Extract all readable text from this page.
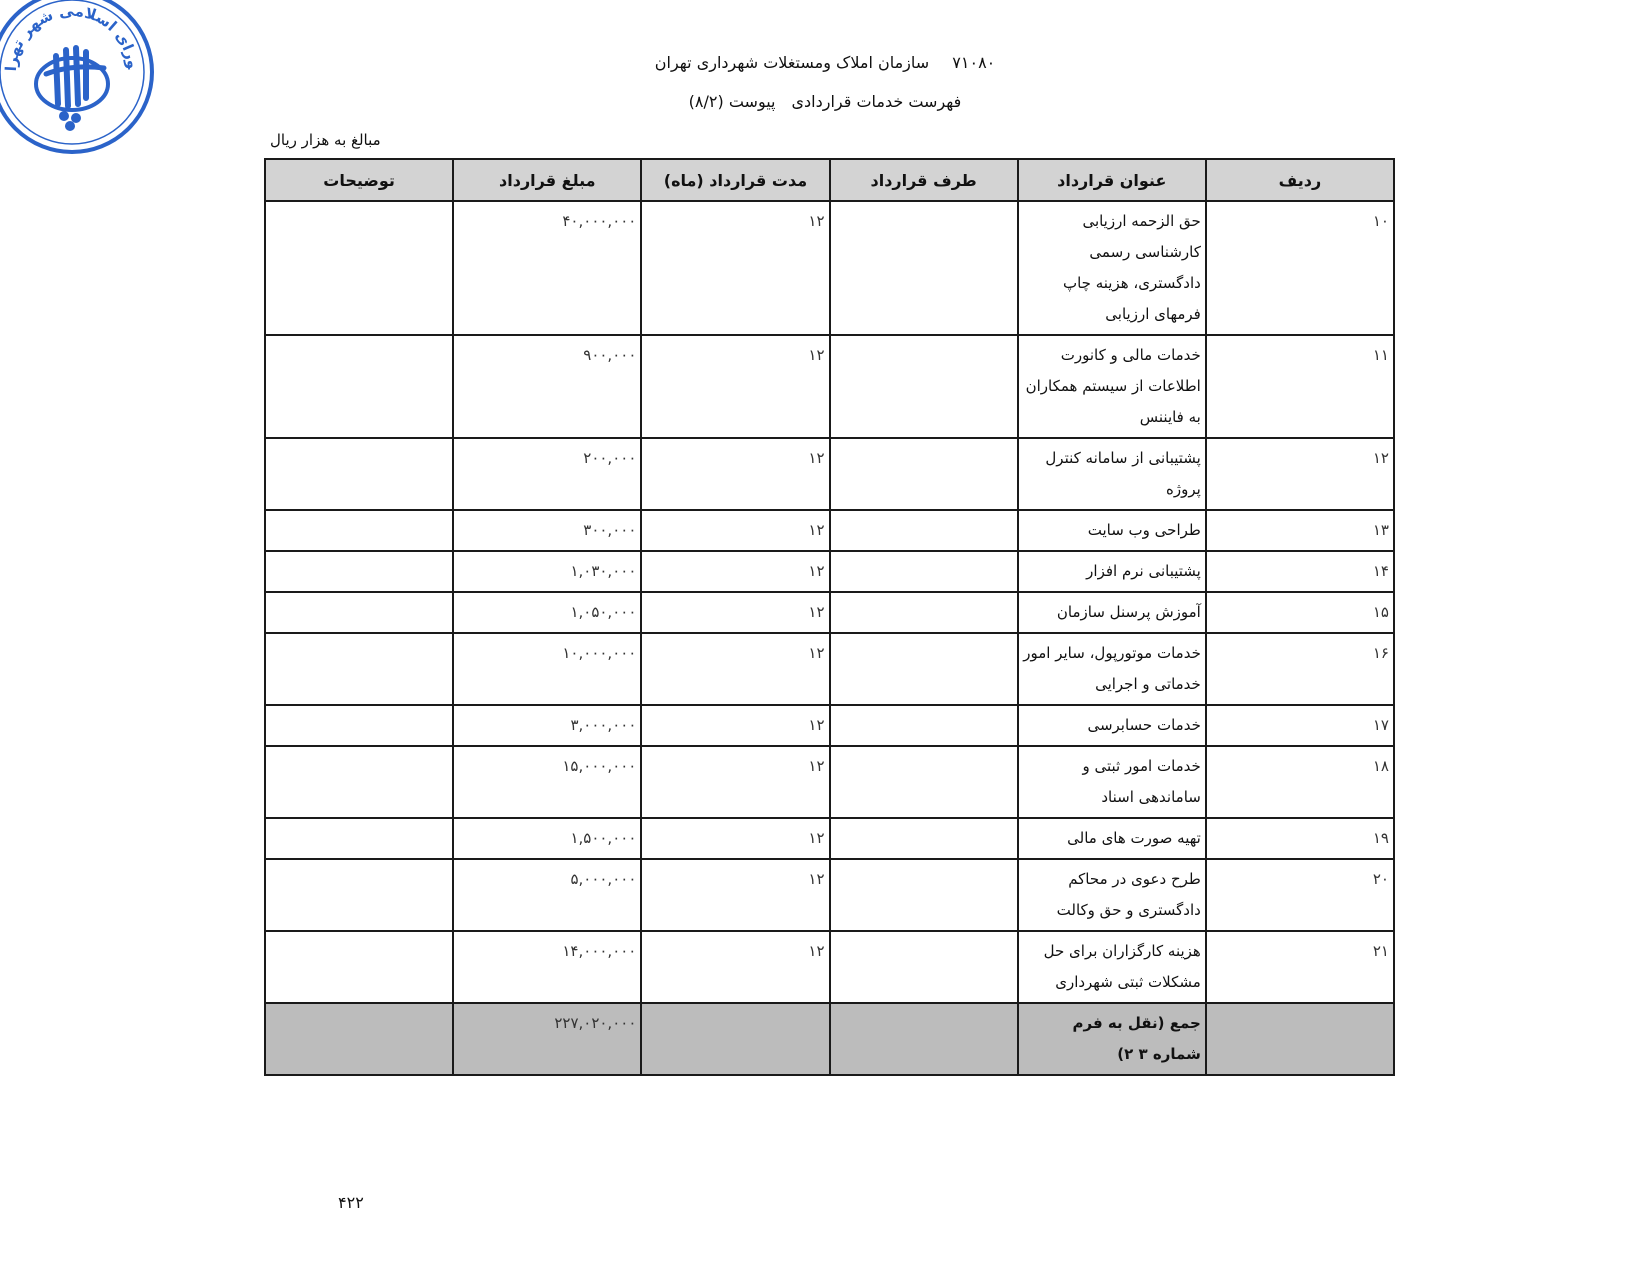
ورای اسلامی شهر تهرا	۷۱۰۸۰ سازمان املاک ومستغلات شهرداری تهران
فهرست خدمات قراردادیپیوست (۸/۲)
مبالغ به هزار ریال
ردیف	عنوان قرارداد	طرف قرارداد	مدت قرارداد (ماه)	مبلغ قرارداد	توضیحات
۱۰	حق الزحمه ارزیابی کارشناسی رسمی دادگستری، هزینه چاپ فرمهای ارزیابی		۱۲	۴۰,۰۰۰,۰۰۰	
۱۱	خدمات مالی و کانورت اطلاعات از سیستم همکاران به فایننس		۱۲	۹۰۰,۰۰۰	
۱۲	پشتیبانی از سامانه کنترل پروژه		۱۲	۲۰۰,۰۰۰	
۱۳	طراحی وب سایت		۱۲	۳۰۰,۰۰۰	
۱۴	پشتیبانی نرم افزار		۱۲	۱,۰۳۰,۰۰۰	
۱۵	آموزش پرسنل سازمان		۱۲	۱,۰۵۰,۰۰۰	
۱۶	خدمات موتورپول، سایر امور خدماتی و اجرایی		۱۲	۱۰,۰۰۰,۰۰۰	
۱۷	خدمات حسابرسی		۱۲	۳,۰۰۰,۰۰۰	
۱۸	خدمات امور ثبتی و ساماندهی اسناد		۱۲	۱۵,۰۰۰,۰۰۰	
۱۹	تهیه صورت های مالی		۱۲	۱,۵۰۰,۰۰۰	
۲۰	طرح دعوی در محاکم دادگستری و حق وکالت		۱۲	۵,۰۰۰,۰۰۰	
۲۱	هزینه کارگزاران برای حل مشکلات ثبتی شهرداری		۱۲	۱۴,۰۰۰,۰۰۰	
	جمع (نقل به فرم شماره ۳ ۲)			۲۲۷,۰۲۰,۰۰۰	
۴۲۲
